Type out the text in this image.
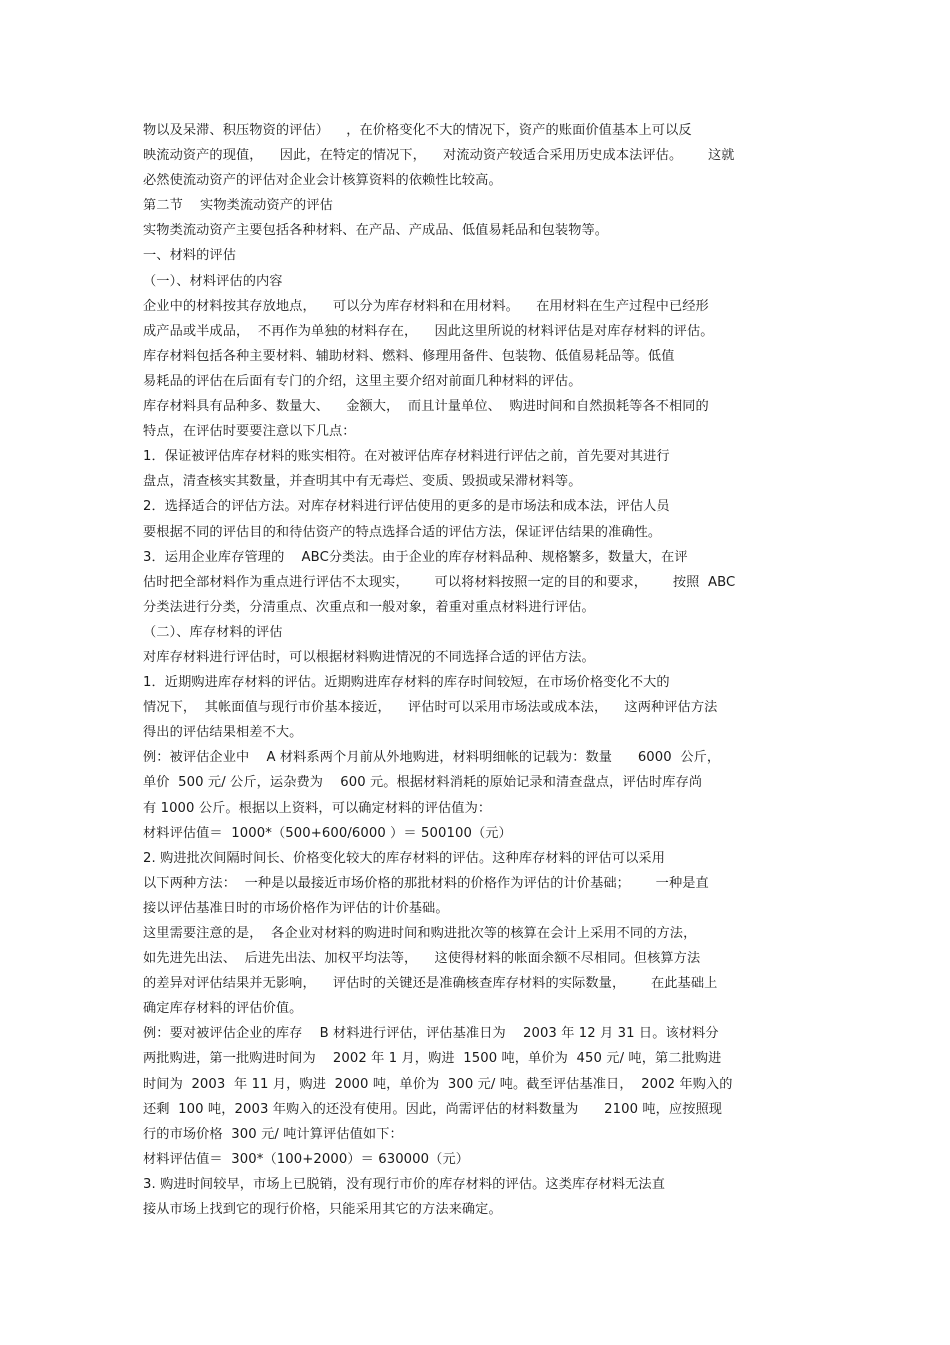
物以及呆滞、积压物资的评估）    ，在价格变化不大的情况下，资产的账面价值基本上可以反
映流动资产的现值，    因此，在特定的情况下，    对流动资产较适合采用历史成本法评估。      这就
必然使流动资产的评估对企业会计核算资料的依赖性比较高。
第二节    实物类流动资产的评估
实物类流动资产主要包括各种材料、在产品、产成品、低值易耗品和包装物等。
一、材料的评估
（一）、材料评估的内容
企业中的材料按其存放地点，    可以分为库存材料和在用材料。    在用材料在生产过程中已经形
成产品或半成品，  不再作为单独的材料存在，    因此这里所说的材料评估是对库存材料的评估。
库存材料包括各种主要材料、辅助材料、燃料、修理用备件、包装物、低值易耗品等。低值
易耗品的评估在后面有专门的介绍，这里主要介绍对前面几种材料的评估。
库存材料具有品种多、数量大、    金额大，  而且计量单位、  购进时间和自然损耗等各不相同的
特点，在评估时要要注意以下几点：
1．保证被评估库存材料的账实相符。在对被评估库存材料进行评估之前，首先要对其进行
盘点，清查核实其数量，并查明其中有无毒烂、变质、毁损或呆滞材料等。
2．选择适合的评估方法。对库存材料进行评估使用的更多的是市场法和成本法，评估人员
要根据不同的评估目的和待估资产的特点选择合适的评估方法，保证评估结果的准确性。
3．运用企业库存管理的    ABC分类法。由于企业的库存材料品种、规格繁多，数量大，在评
估时把全部材料作为重点进行评估不太现实，      可以将材料按照一定的目的和要求，      按照  ABC
分类法进行分类，分清重点、次重点和一般对象，着重对重点材料进行评估。
（二）、库存材料的评估
对库存材料进行评估时，可以根据材料购进情况的不同选择合适的评估方法。
1．近期购进库存材料的评估。近期购进库存材料的库存时间较短，在市场价格变化不大的
情况下，  其帐面值与现行市价基本接近，    评估时可以采用市场法或成本法，    这两种评估方法
得出的评估结果相差不大。
例：被评估企业中    A 材料系两个月前从外地购进，材料明细帐的记载为：数量      6000  公斤，
单价  500 元/ 公斤，运杂费为    600 元。根据材料消耗的原始记录和清查盘点，评估时库存尚
有 1000 公斤。根据以上资料，可以确定材料的评估值为：
材料评估值＝  1000*（500+600/6000 ）＝ 500100（元）
2. 购进批次间隔时间长、价格变化较大的库存材料的评估。这种库存材料的评估可以采用
以下两种方法：  一种是以最接近市场价格的那批材料的价格作为评估的计价基础；      一种是直
接以评估基准日时的市场价格作为评估的计价基础。
这里需要注意的是，  各企业对材料的购进时间和购进批次等的核算在会计上采用不同的方法，
如先进先出法、  后进先出法、加权平均法等，    这使得材料的帐面余额不尽相同。但核算方法
的差异对评估结果并无影响，    评估时的关键还是准确核查库存材料的实际数量，      在此基础上
确定库存材料的评估价值。
例：要对被评估企业的库存    B 材料进行评估，评估基准日为    2003 年 12 月 31 日。该材料分
两批购进，第一批购进时间为    2002 年 1 月，购进  1500 吨，单价为  450 元/ 吨，第二批购进
时间为  2003  年 11 月，购进  2000 吨，单价为  300 元/ 吨。截至评估基准日，  2002 年购入的
还剩  100 吨，2003 年购入的还没有使用。因此，尚需评估的材料数量为      2100 吨，应按照现
行的市场价格  300 元/ 吨计算评估值如下：
材料评估值＝  300*（100+2000）＝ 630000（元）
3. 购进时间较早，市场上已脱销，没有现行市价的库存材料的评估。这类库存材料无法直
接从市场上找到它的现行价格，只能采用其它的方法来确定。
